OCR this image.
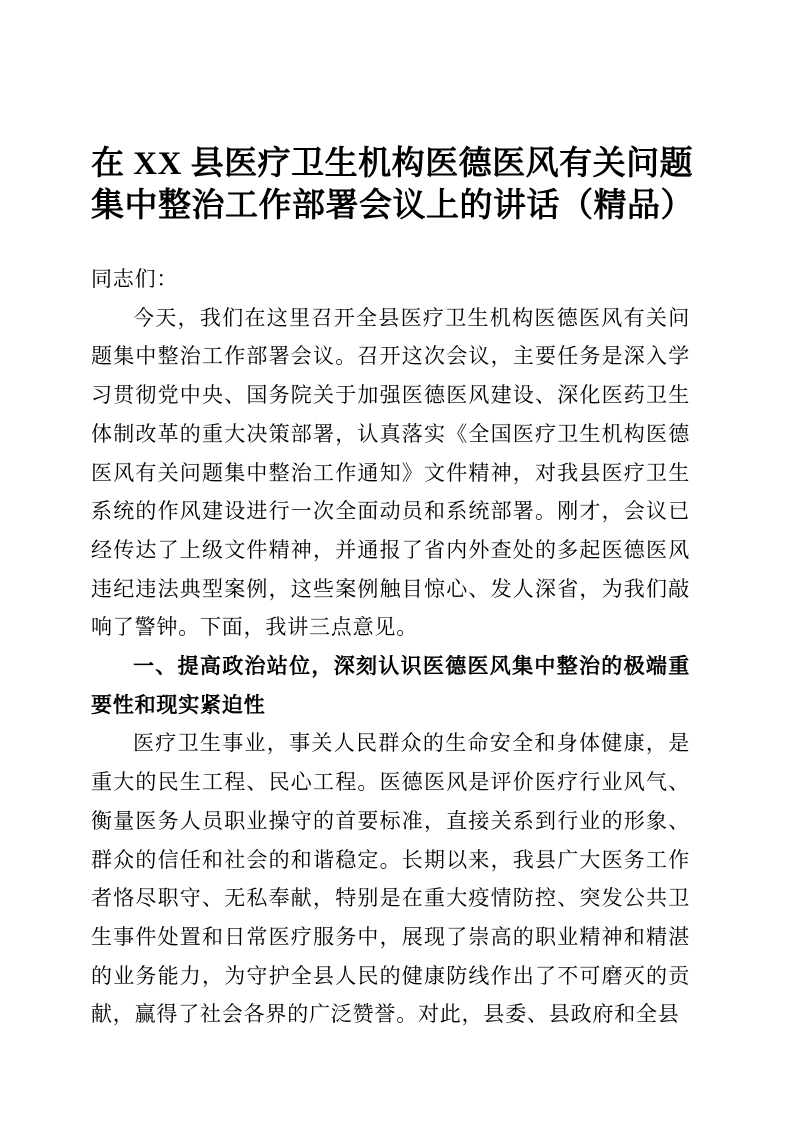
在 XX 县医疗卫生机构医德医风有关问题
集中整治工作部署会议上的讲话（精品）

同志们：

今天，我们在这里召开全县医疗卫生机构医德医风有关问题集中整治工作部署会议。召开这次会议，主要任务是深入学习贯彻党中央、国务院关于加强医德医风建设、深化医药卫生体制改革的重大决策部署，认真落实《全国医疗卫生机构医德医风有关问题集中整治工作通知》文件精神，对我县医疗卫生系统的作风建设进行一次全面动员和系统部署。刚才，会议已经传达了上级文件精神，并通报了省内外查处的多起医德医风违纪违法典型案例，这些案例触目惊心、发人深省，为我们敲响了警钟。下面，我讲三点意见。

一、提高政治站位，深刻认识医德医风集中整治的极端重要性和现实紧迫性

医疗卫生事业，事关人民群众的生命安全和身体健康，是重大的民生工程、民心工程。医德医风是评价医疗行业风气、衡量医务人员职业操守的首要标准，直接关系到行业的形象、群众的信任和社会的和谐稳定。长期以来，我县广大医务工作者恪尽职守、无私奉献，特别是在重大疫情防控、突发公共卫生事件处置和日常医疗服务中，展现了崇高的职业精神和精湛的业务能力，为守护全县人民的健康防线作出了不可磨灭的贡献，赢得了社会各界的广泛赞誉。对此，县委、县政府和全县
